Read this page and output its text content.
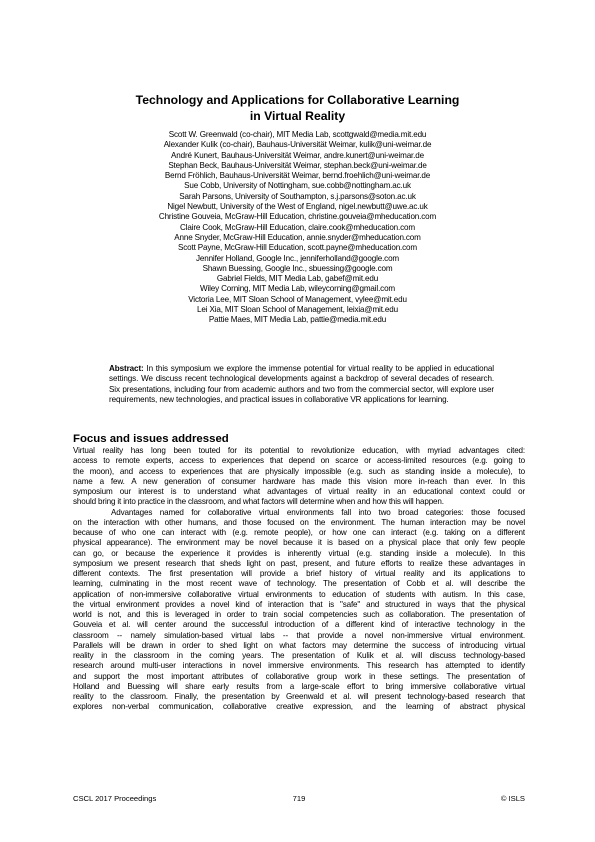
Technology and Applications for Collaborative Learning
in Virtual Reality
Scott W. Greenwald (co-chair), MIT Media Lab, scottgwald@media.mit.edu
Alexander Kulik (co-chair), Bauhaus-Universität Weimar, kulik@uni-weimar.de
André Kunert, Bauhaus-Universität Weimar, andre.kunert@uni-weimar.de
Stephan Beck, Bauhaus-Universität Weimar, stephan.beck@uni-weimar.de
Bernd Fröhlich, Bauhaus-Universität Weimar, bernd.froehlich@uni-weimar.de
Sue Cobb, University of Nottingham, sue.cobb@nottingham.ac.uk
Sarah Parsons, University of Southampton, s.j.parsons@soton.ac.uk
Nigel Newbutt, University of the West of England, nigel.newbutt@uwe.ac.uk
Christine Gouveia, McGraw-Hill Education, christine.gouveia@mheducation.com
Claire Cook, McGraw-Hill Education, claire.cook@mheducation.com
Anne Snyder, McGraw-Hill Education, annie.snyder@mheducation.com
Scott Payne, McGraw-Hill Education, scott.payne@mheducation.com
Jennifer Holland, Google Inc., jenniferholland@google.com
Shawn Buessing, Google Inc., sbuessing@google.com
Gabriel Fields, MIT Media Lab, gabef@mit.edu
Wiley Corning, MIT Media Lab, wileycorning@gmail.com
Victoria Lee, MIT Sloan School of Management, vylee@mit.edu
Lei Xia, MIT Sloan School of Management, leixia@mit.edu
Pattie Maes, MIT Media Lab, pattie@media.mit.edu
Abstract: In this symposium we explore the immense potential for virtual reality to be applied in educational settings. We discuss recent technological developments against a backdrop of several decades of research. Six presentations, including four from academic authors and two from the commercial sector, will explore user requirements, new technologies, and practical issues in collaborative VR applications for learning.
Focus and issues addressed
Virtual reality has long been touted for its potential to revolutionize education, with myriad advantages cited:
access to remote experts, access to experiences that depend on scarce or access-limited resources (e.g. going to
the moon), and access to experiences that are physically impossible (e.g. such as standing inside a molecule), to
name a few. A new generation of consumer hardware has made this vision more in-reach than ever. In this
symposium our interest is to understand what advantages of virtual reality in an educational context could or
should bring it into practice in the classroom, and what factors will determine when and how this will happen.
Advantages named for collaborative virtual environments fall into two broad categories: those focused
on the interaction with other humans, and those focused on the environment. The human interaction may be novel
because of who one can interact with (e.g. remote people), or how one can interact (e.g. taking on a different
physical appearance). The environment may be novel because it is based on a physical place that only few people
can go, or because the experience it provides is inherently virtual (e.g. standing inside a molecule). In this
symposium we present research that sheds light on past, present, and future efforts to realize these advantages in
different contexts. The first presentation will provide a brief history of virtual reality and its applications to
learning, culminating in the most recent wave of technology. The presentation of Cobb et al. will describe the
application of non-immersive collaborative virtual environments to education of students with autism. In this case,
the virtual environment provides a novel kind of interaction that is "safe" and structured in ways that the physical
world is not, and this is leveraged in order to train social competencies such as collaboration. The presentation of
Gouveia et al. will center around the successful introduction of a different kind of interactive technology in the
classroom -- namely simulation-based virtual labs -- that provide a novel non-immersive virtual environment.
Parallels will be drawn in order to shed light on what factors may determine the success of introducing virtual
reality in the classroom in the coming years. The presentation of Kulik et al. will discuss technology-based
research around multi-user interactions in novel immersive environments. This research has attempted to identify
and support the most important attributes of collaborative group work in these settings. The presentation of
Holland and Buessing will share early results from a large-scale effort to bring immersive collaborative virtual
reality to the classroom. Finally, the presentation by Greenwald et al. will present technology-based research that
explores non-verbal communication, collaborative creative expression, and the learning of abstract physical
CSCL 2017 Proceedings	719	© ISLS
